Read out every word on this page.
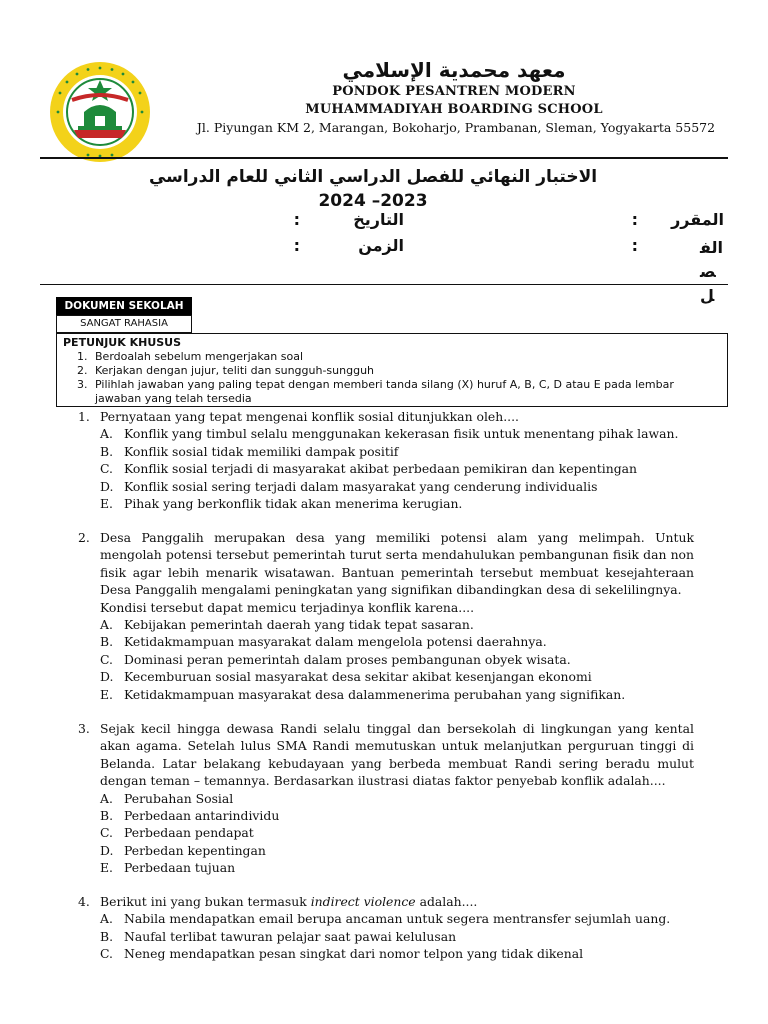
معهد محمدية الإسلامي
PONDOK PESANTREN MODERN
MUHAMMADIYAH BOARDING SCHOOL
Jl. Piyungan KM 2, Marangan, Bokoharjo, Prambanan, Sleman, Yogyakarta 55572
الاختبار النهائي للفصل الدراسي الثاني للعام الدراسي 2023– 2024
المقرر
:
التاريخ
:
الفصل
:
الزمن
:
DOKUMEN SEKOLAH
SANGAT RAHASIA
PETUNJUK KHUSUS
1. Berdoalah sebelum mengerjakan soal
2. Kerjakan dengan jujur, teliti dan sungguh-sungguh
3. Pilihlah jawaban yang paling tepat dengan memberi tanda silang (X) huruf A, B, C, D atau E pada lembar jawaban yang telah tersedia
1. Pernyataan yang tepat mengenai konflik sosial ditunjukkan oleh....
A. Konflik yang timbul selalu menggunakan kekerasan fisik untuk menentang pihak lawan.
B. Konflik sosial tidak memiliki dampak positif
C. Konflik sosial terjadi di masyarakat akibat perbedaan pemikiran dan kepentingan
D. Konflik sosial sering terjadi dalam masyarakat yang cenderung individualis
E. Pihak yang berkonflik tidak akan menerima kerugian.
2. Desa Panggalih merupakan desa yang memiliki potensi alam yang melimpah. Untuk mengolah potensi tersebut pemerintah turut serta mendahulukan pembangunan fisik dan non fisik agar lebih menarik wisatawan. Bantuan pemerintah tersebut membuat kesejahteraan Desa Panggalih mengalami peningkatan yang signifikan dibandingkan desa di sekelilingnya.
Kondisi tersebut dapat memicu terjadinya konflik karena....
A. Kebijakan pemerintah daerah yang tidak tepat sasaran.
B. Ketidakmampuan masyarakat dalam mengelola potensi daerahnya.
C. Dominasi peran pemerintah dalam proses pembangunan obyek wisata.
D. Kecemburuan sosial masyarakat desa sekitar akibat kesenjangan ekonomi
E. Ketidakmampuan masyarakat desa dalammenerima perubahan yang signifikan.
3. Sejak kecil hingga dewasa Randi selalu tinggal dan bersekolah di lingkungan yang kental akan agama. Setelah lulus SMA Randi memutuskan untuk melanjutkan perguruan tinggi di Belanda. Latar belakang kebudayaan yang berbeda membuat Randi sering beradu mulut dengan teman – temannya. Berdasarkan ilustrasi diatas faktor penyebab konflik adalah....
A. Perubahan Sosial
B. Perbedaan antarindividu
C. Perbedaan pendapat
D. Perbedan kepentingan
E. Perbedaan tujuan
4. Berikut ini yang bukan termasuk indirect violence adalah....
A. Nabila mendapatkan email berupa ancaman untuk segera mentransfer sejumlah uang.
B. Naufal terlibat tawuran pelajar saat pawai kelulusan
C. Neneg mendapatkan pesan singkat dari nomor telpon yang tidak dikenal
